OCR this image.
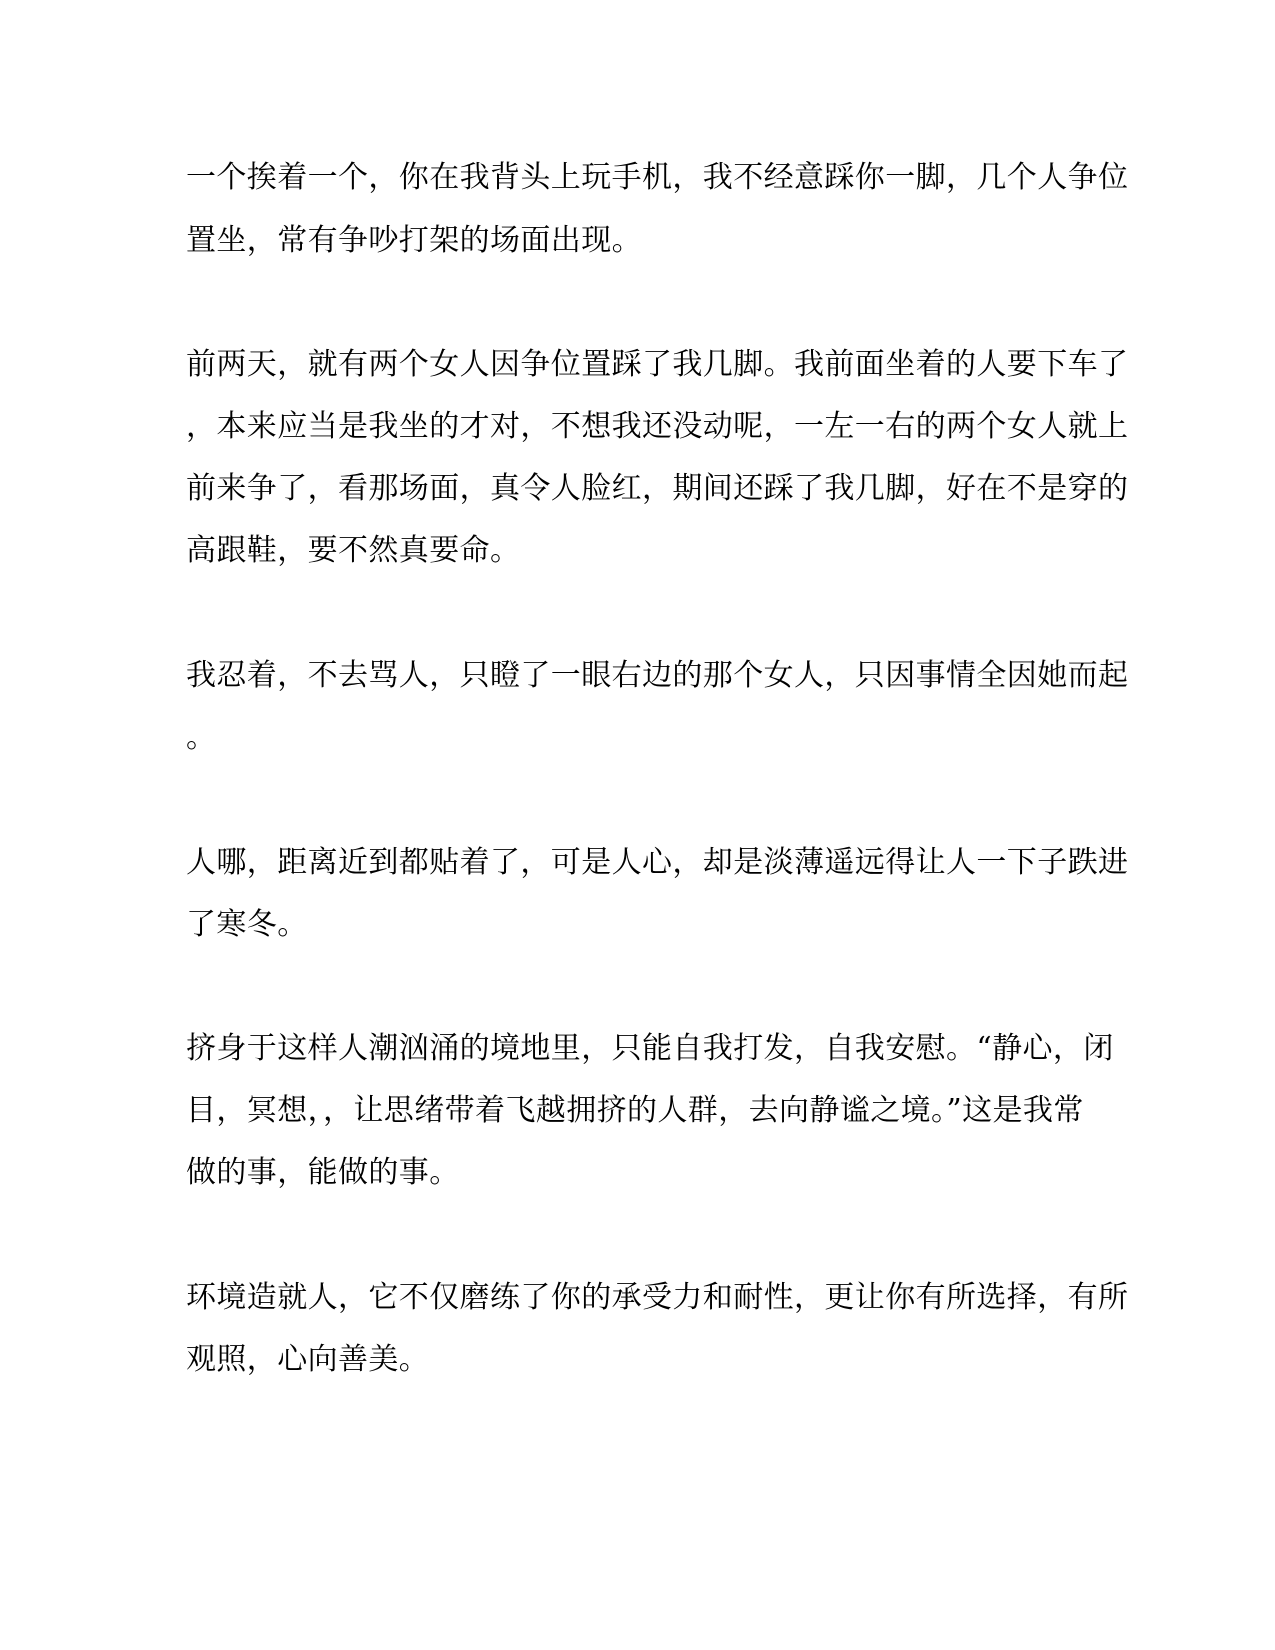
一个挨着一个，你在我背头上玩手机，我不经意踩你一脚，几个人争位

置坐，常有争吵打架的场面出现。

前两天，就有两个女人因争位置踩了我几脚。我前面坐着的人要下车了

，本来应当是我坐的才对，不想我还没动呢，一左一右的两个女人就上

前来争了，看那场面，真令人脸红，期间还踩了我几脚，好在不是穿的

高跟鞋，要不然真要命。

我忍着，不去骂人，只瞪了一眼右边的那个女人，只因事情全因她而起

。

人哪，距离近到都贴着了，可是人心，却是淡薄遥远得让人一下子跌进

了寒冬。

挤身于这样人潮汹涌的境地里，只能自我打发，自我安慰。“静心，闭

目，冥想，，让思绪带着飞越拥挤的人群，去向静谧之境。”这是我常

做的事，能做的事。

环境造就人，它不仅磨练了你的承受力和耐性，更让你有所选择，有所

观照，心向善美。
